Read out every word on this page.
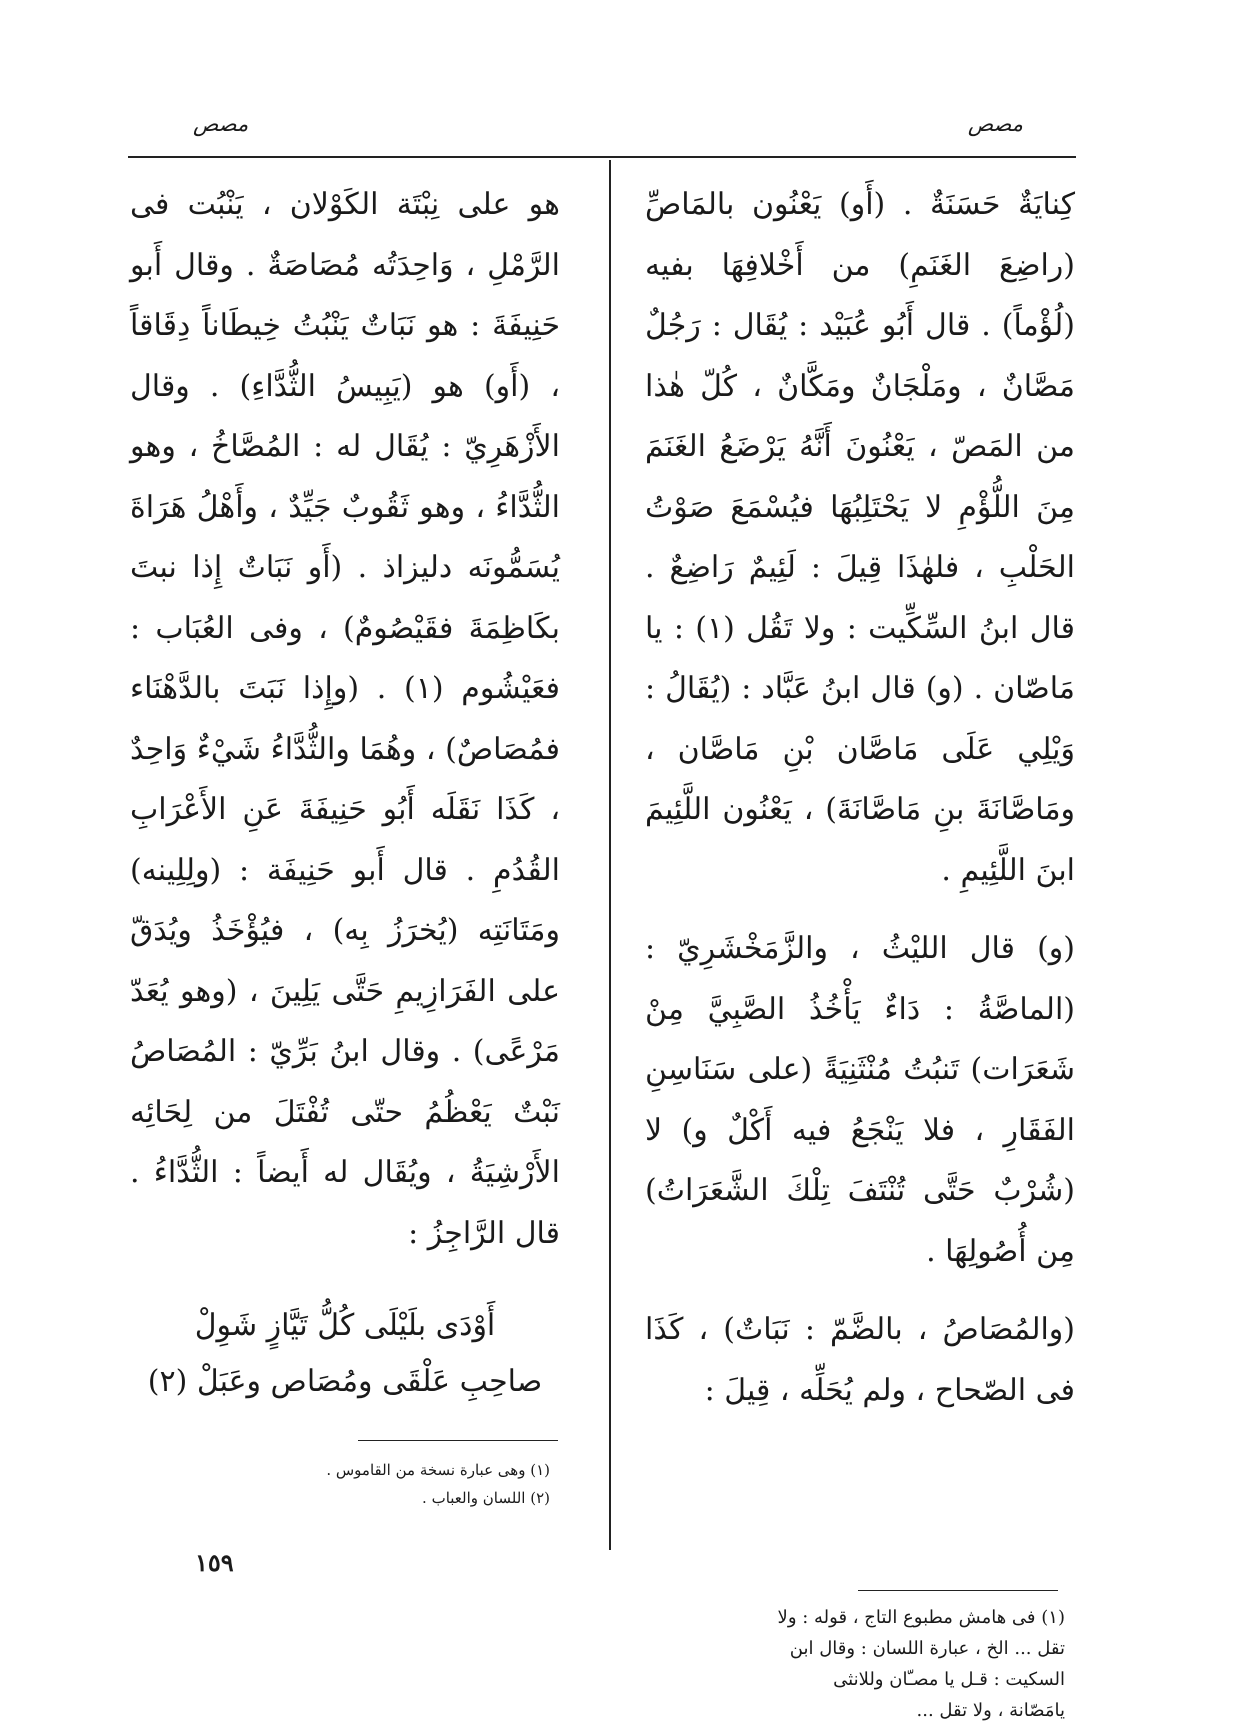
مصص
مصص

كِنايَةٌ حَسَنَةٌ . (أَو) يَعْنُون بالمَاصِّ (راضِعَ الغَنَمِ) من أَخْلافِهَا بفيه (لُؤْماً) . قال أَبُو عُبَيْد : يُقَال : رَجُلٌ مَصَّانٌ ، ومَلْجَانٌ ومَكَّانٌ ، كُلّ هٰذا من المَصّ ، يَعْنُونَ أَنَّهُ يَرْضَعُ الغَنَمَ مِنَ اللُّؤْمِ لا يَحْتَلِبُهَا فيُسْمَعَ صَوْتُ الحَلْبِ ، فلهٰذَا قِيلَ : لَئِيمٌ رَاضِعٌ . قال ابنُ السِّكِّيت : ولا تَقُل (١) : يا مَاصّان . (و) قال ابنُ عَبَّاد : (يُقَالُ : وَيْلِي عَلَى مَاصَّان بْنِ مَاصَّان ، ومَاصَّانَةَ بنِ مَاصَّانَةَ) ، يَعْنُون اللَّئِيمَ ابنَ اللَّئِيمِ .

(و) قال الليْثُ ، والزَّمَخْشَرِيّ : (الماصَّةُ : دَاءٌ يَأْخُذُ الصَّبِيَّ مِنْ شَعَرَات) تَنبُتُ مُنْثَنِيَةً (على سَنَاسِنِ الفَقَارِ ، فلا يَنْجَعُ فيه أَكْلٌ و) لا (شُرْبٌ حَتَّى تُنْتَفَ تِلْكَ الشَّعَرَاتُ) مِن أُصُولِهَا .

(والمُصَاصُ ، بالضَّمّ : نَبَاتٌ) ، كَذَا فى الصّحاح ، ولم يُحَلِّه ، قِيلَ :

هو على نِبْتَة الكَوْلان ، يَنْبُت فى الرَّمْلِ ، وَاحِدَتُه مُصَاصَةٌ . وقال أَبو حَنِيفَةَ : هو نَبَاتٌ يَنْبُتُ خِيطَاناً دِقَاقاً ، (أَو) هو (يَبِيسُ الثُّدَّاءِ) . وقال الأَزْهَرِيّ : يُقَال له : المُصَّاخُ ، وهو الثُّدَّاءُ ، وهو ثَقُوبٌ جَيِّدٌ ، وأَهْلُ هَرَاةَ يُسَمُّونَه دليزاذ . (أَو نَبَاتٌ إِذا نبتَ بكَاظِمَةَ فقَيْصُومٌ) ، وفى العُبَاب : فعَيْشُوم (١) . (وإِذا نَبَتَ بالدَّهْنَاء فمُصَاصٌ) ، وهُمَا والثُّدَّاءُ شَيْءٌ وَاحِدٌ ، كَذَا نَقَلَه أَبُو حَنِيفَةَ عَنِ الأَعْرَابِ القُدُمِ . قال أَبو حَنِيفَة : (ولِلِينه) ومَتَانَتِه (يُخرَزُ بِه) ، فيُؤْخَذُ ويُدَقّ على الفَرَازِيمِ حَتَّى يَلِينَ ، (وهو يُعَدّ مَرْعًى) . وقال ابنُ بَرِّيّ : المُصَاصُ نَبْتٌ يَعْظُمُ حتّى تُفْتَلَ من لِحَائِه الأَرْشِيَةُ ، ويُقَال له أَيضاً : الثُّدَّاءُ . قال الرَّاجِزُ :

أَوْدَى بلَيْلَى كُلُّ تَيَّازٍ شَوِلْ
صاحِبِ عَلْقَى ومُصَاص وعَبَلْ (٢)
(١) فى هامش مطبوع التاج ، قوله : ولا
تقل ... الخ ، عبارة اللسان : وقال ابن
السكيت : قـل يا مصـّان وللانثى
يامَصّانة ، ولا تقل ...
(١) وهى عبارة نسخة من القاموس .
(٢) اللسان والعباب .
١٥٩
